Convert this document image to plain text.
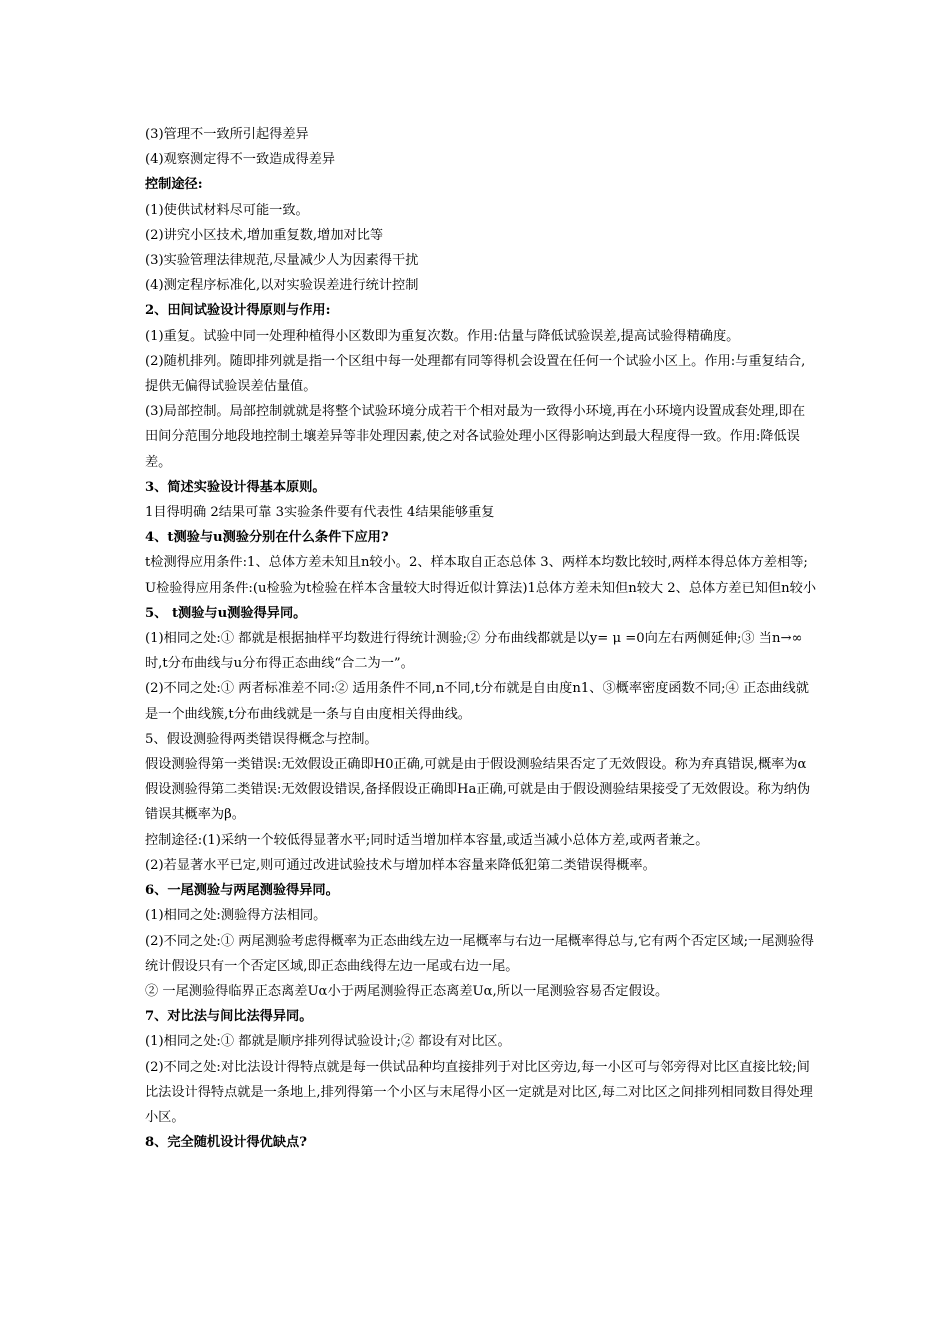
(3)管理不一致所引起得差异

(4)观察测定得不一致造成得差异

控制途径:

(1)使供试材料尽可能一致。

(2)讲究小区技术,增加重复数,增加对比等

(3)实验管理法律规范,尽量减少人为因素得干扰

(4)测定程序标准化,以对实验误差进行统计控制

2、田间试验设计得原则与作用:

(1)重复。试验中同一处理种植得小区数即为重复次数。作用:估量与降低试验误差,提高试验得精确度。

(2)随机排列。随即排列就是指一个区组中每一处理都有同等得机会设置在任何一个试验小区上。作用:与重复结合,提供无偏得试验误差估量值。

(3)局部控制。局部控制就就是将整个试验环境分成若干个相对最为一致得小环境,再在小环境内设置成套处理,即在田间分范围分地段地控制土壤差异等非处理因素,使之对各试验处理小区得影响达到最大程度得一致。作用:降低误差。

3、简述实验设计得基本原则。

1目得明确 2结果可靠 3实验条件要有代表性 4结果能够重复

4、t测验与u测验分别在什么条件下应用?

t检测得应用条件:1、总体方差未知且n较小。2、样本取自正态总体 3、两样本均数比较时,两样本得总体方差相等;

U检验得应用条件:(u检验为t检验在样本含量较大时得近似计算法)1总体方差未知但n较大 2、总体方差已知但n较小

5、 t测验与u测验得异同。

(1)相同之处:① 都就是根据抽样平均数进行得统计测验;② 分布曲线都就是以y= μ =0向左右两侧延伸;③ 当n→∞时,t分布曲线与u分布得正态曲线“合二为一”。

(2)不同之处:① 两者标准差不同:② 适用条件不同,n不同,t分布就是自由度n1、③概率密度函数不同;④ 正态曲线就是一个曲线簇,t分布曲线就是一条与自由度相关得曲线。

5、假设测验得两类错误得概念与控制。

假设测验得第一类错误:无效假设正确即H0正确,可就是由于假设测验结果否定了无效假设。称为弃真错误,概率为α

假设测验得第二类错误:无效假设错误,备择假设正确即Ha正确,可就是由于假设测验结果接受了无效假设。称为纳伪错误其概率为β。

控制途径:(1)采纳一个较低得显著水平;同时适当增加样本容量,或适当减小总体方差,或两者兼之。

(2)若显著水平已定,则可通过改进试验技术与增加样本容量来降低犯第二类错误得概率。

6、一尾测验与两尾测验得异同。

(1)相同之处:测验得方法相同。

(2)不同之处:① 两尾测验考虑得概率为正态曲线左边一尾概率与右边一尾概率得总与,它有两个否定区域;一尾测验得统计假设只有一个否定区域,即正态曲线得左边一尾或右边一尾。

② 一尾测验得临界正态离差Uα小于两尾测验得正态离差Uα,所以一尾测验容易否定假设。

7、对比法与间比法得异同。

(1)相同之处:① 都就是顺序排列得试验设计;② 都设有对比区。

(2)不同之处:对比法设计得特点就是每一供试品种均直接排列于对比区旁边,每一小区可与邻旁得对比区直接比较;间比法设计得特点就是一条地上,排列得第一个小区与末尾得小区一定就是对比区,每二对比区之间排列相同数目得处理小区。

8、完全随机设计得优缺点?
